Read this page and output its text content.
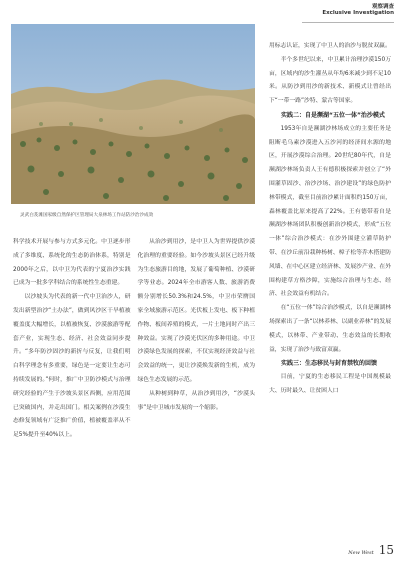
观察调查
Exclusive Investigation
灵武白芨滩国家级自然保护区管理局大泉林场工作站防沙治沙成效

科学技术开展与参与方式多元化。中卫逐步形成了多维度、系统化的生态防治体系，特别是2000年之后，以中卫为代表的宁夏治沙实践已成为一批多学科结合的系统性生态重建。

以沙坡头为代表的新一代中卫治沙人，研发出新型治沙“土办法”，做到风沙区干旱植被覆盖度大幅增长，以植被恢复、沙漠旅游等配套产业，实现生态、经济、社会效益同步提升。“多年防沙固沙的新折与反复，让我们明白科学理念有多重要，绿色是一定要让生态可持续发展的。”何时，推广中卫防沙模式与治理研究经验的产生于沙坡头景区西侧，应用范围已突破国内，并走出国门。相关案例在沙漠生态修复领域有广泛推广价值，植被覆盖率从不足5%提升至40%以上。

从治沙到用沙，是中卫人为世界提供沙漠化治理的重要经验。如今沙坡头景区已经升级为生态旅游目的地，发展了葡萄种植、沙漠研学等业态。2024年全市游客人数、旅游消费额分别增长50.3%和24.5%，中卫市荣膺国家全域旅游示范区。光伏板上发电、板下种植作物、板间养殖的模式，一片土地同时产出三种效益。实现了沙漠光伏区的多种用途。中卫沙漠绿色发展的探索，不仅实现经济效益与社会效益的统一，更让沙漠焕发新的生机，成为绿色生态发展的示范。

从种树到种草，从治沙到用沙，“沙漠头事”是中卫城市发展的一个缩影。

用标志认证，实现了中卫人的治沙与脱贫双赢。

半个多世纪以来，中卫累计治理沙漠150万亩，区域内的沙生灌丛从年均6米减少到不足10米。从防沙到用沙的新技术、新模式让曾经出下“一带一路”沙特、蒙古等国家。

实践二：自是濒湖“五位一体”治沙模式

1953年自是濒湖沙林场成立的主要任务是阻断毛乌素沙漠进入五沙河的经济间水源的地区，开展沙漠综合治理。20世纪80年代，自是濒湖沙林场负责人王有德积极探索并创立了“外围灌草固沙、治沙沙场、治沙建设”的绿色防护林带模式，截至目前治沙累计面积约150万亩，森林覆盖比原来提高了22%。王有德带着自是濒湖沙林场团队积极创新治沙模式，形成“五位一体”综合治沙模式：在沙外围建立灌草防护带、在沙丘前沿栽种杨树、樟子松等乔木搭建防风墙、在中心区建立经济林、发展沙产业、在外围构建草方格沙障，实施综合治理与生态、经济、社会效益有机结合。

在“五位一体”综合治沙模式，以自是濒湖林场探索出了一条“以林养林、以副业养林”的发展模式，以林带、产业带动、生态效益的长期收益，实现了治沙与致富双赢。

实践三：生态移民与封育禁牧的回馈

目前，宁夏的生态移民工程是中国规模最大、历时最久、让贫困人口

New West 15
